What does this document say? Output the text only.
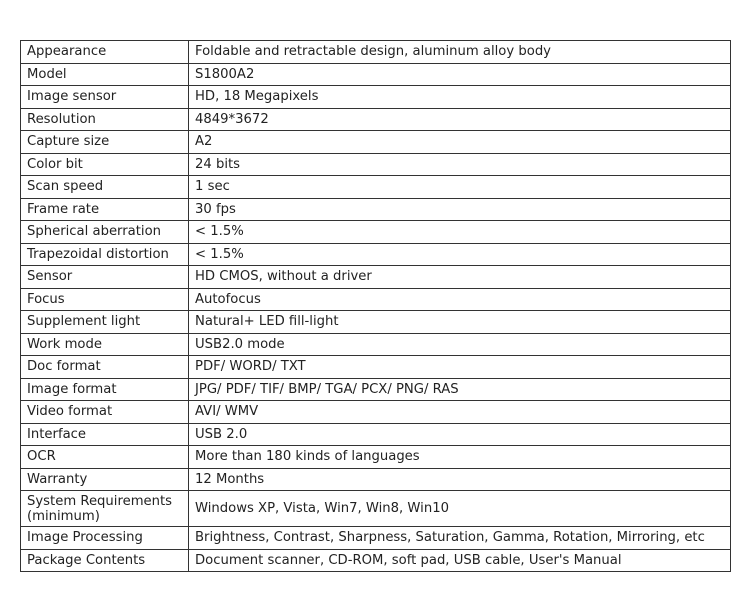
Appearance	Foldable and retractable design, aluminum alloy body
Model	S1800A2
Image sensor	HD, 18 Megapixels
Resolution	4849*3672
Capture size	A2
Color bit	24 bits
Scan speed	1 sec
Frame rate	30 fps
Spherical aberration	< 1.5%
Trapezoidal distortion	< 1.5%
Sensor	HD CMOS, without a driver
Focus	Autofocus
Supplement light	Natural+ LED fill-light
Work mode	USB2.0 mode
Doc format	PDF/ WORD/ TXT
Image format	JPG/ PDF/ TIF/ BMP/ TGA/ PCX/ PNG/ RAS
Video format	AVI/ WMV
Interface	USB 2.0
OCR	More than 180 kinds of languages
Warranty	12 Months
System Requirements (minimum)	Windows XP, Vista, Win7, Win8, Win10
Image Processing	Brightness, Contrast, Sharpness, Saturation, Gamma, Rotation, Mirroring, etc
Package Contents	Document scanner, CD-ROM, soft pad, USB cable, User's Manual
